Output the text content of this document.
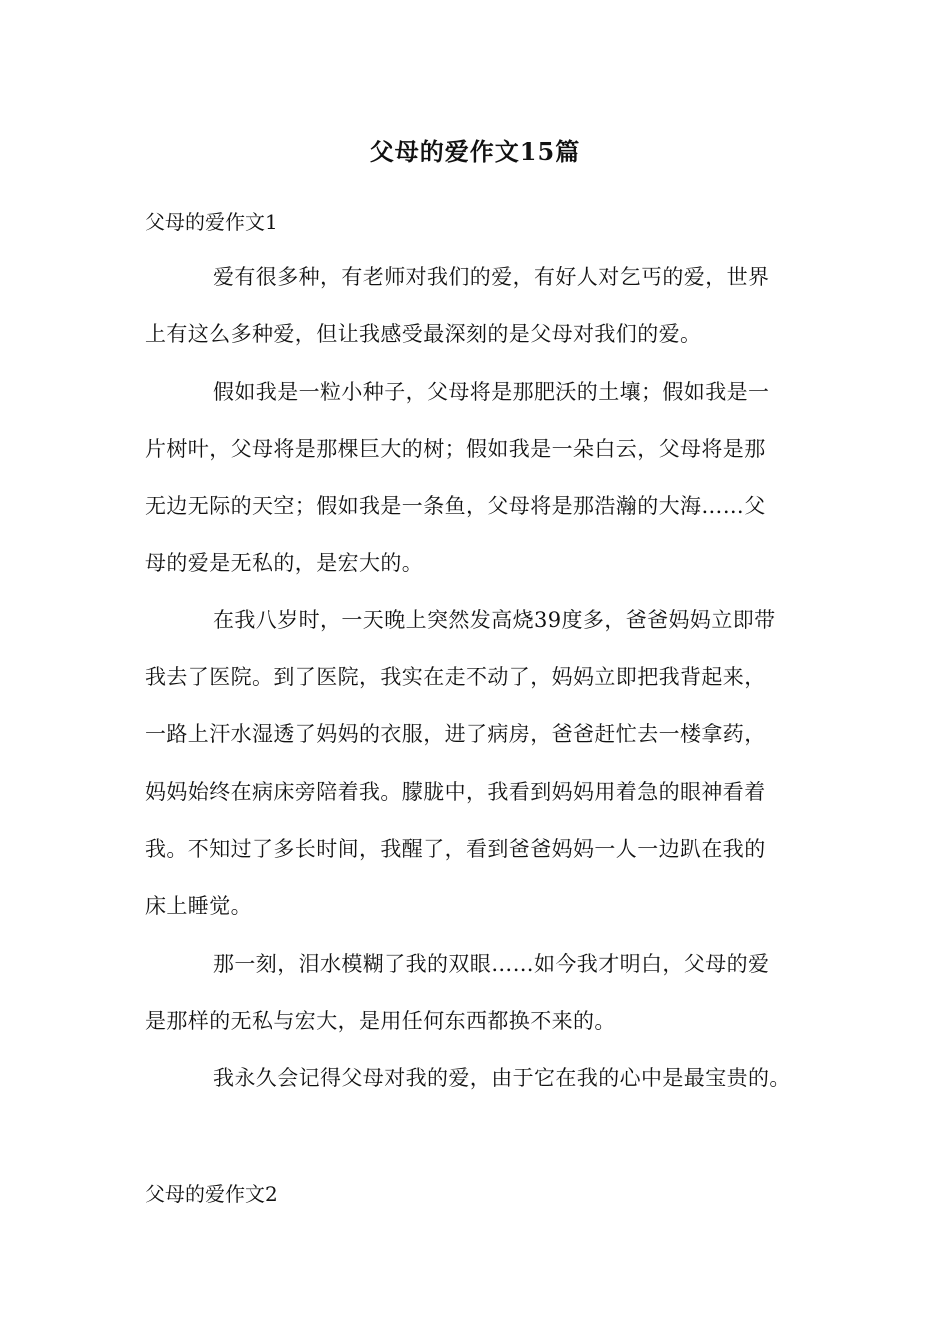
父母的爱作文15篇
父母的爱作文1
爱有很多种，有老师对我们的爱，有好人对乞丐的爱，世界
上有这么多种爱，但让我感受最深刻的是父母对我们的爱。
假如我是一粒小种子，父母将是那肥沃的土壤；假如我是一
片树叶，父母将是那棵巨大的树；假如我是一朵白云，父母将是那
无边无际的天空；假如我是一条鱼，父母将是那浩瀚的大海……父
母的爱是无私的，是宏大的。
在我八岁时，一天晚上突然发高烧39度多，爸爸妈妈立即带
我去了医院。到了医院，我实在走不动了，妈妈立即把我背起来，
一路上汗水湿透了妈妈的衣服，进了病房，爸爸赶忙去一楼拿药，
妈妈始终在病床旁陪着我。朦胧中，我看到妈妈用着急的眼神看着
我。不知过了多长时间，我醒了，看到爸爸妈妈一人一边趴在我的
床上睡觉。
那一刻，泪水模糊了我的双眼……如今我才明白，父母的爱
是那样的无私与宏大，是用任何东西都换不来的。
我永久会记得父母对我的爱，由于它在我的心中是最宝贵的。
父母的爱作文2
